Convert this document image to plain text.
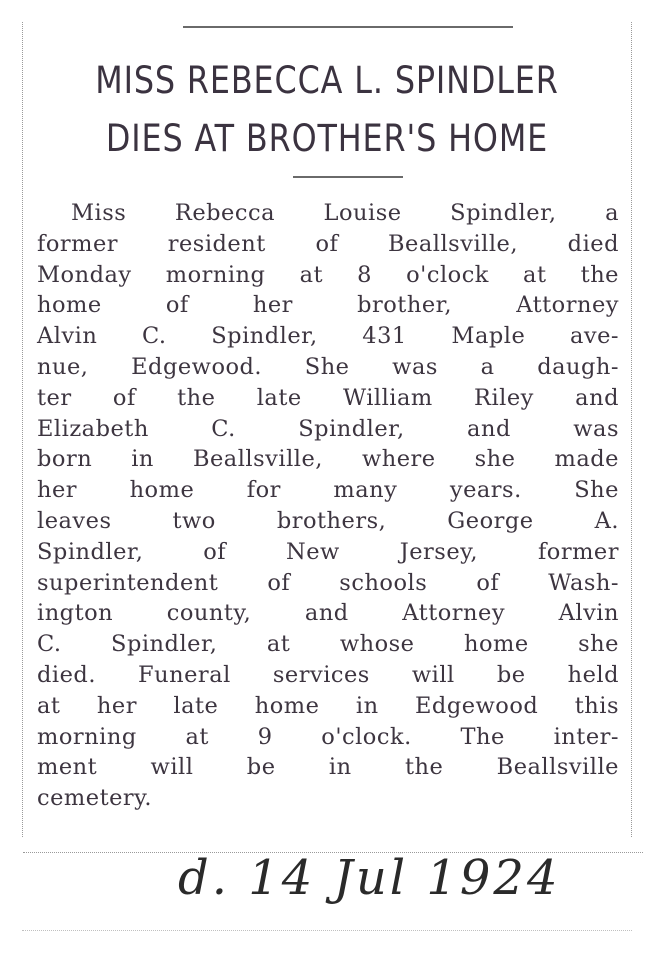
MISS REBECCA L. SPINDLER
DIES AT BROTHER'S HOME
Miss Rebecca Louise Spindler, a
former resident of Beallsville, died
Monday morning at 8 o'clock at the
home of her brother, Attorney
Alvin C. Spindler, 431 Maple ave-
nue, Edgewood. She was a daugh-
ter of the late William Riley and
Elizabeth C. Spindler, and was
born in Beallsville, where she made
her home for many years. She
leaves two brothers, George A.
Spindler, of New Jersey, former
superintendent of schools of Wash-
ington county, and Attorney Alvin
C. Spindler, at whose home she
died. Funeral services will be held
at her late home in Edgewood this
morning at 9 o'clock. The inter-
ment will be in the Beallsville
cemetery.
d. 14 Jul 1924
